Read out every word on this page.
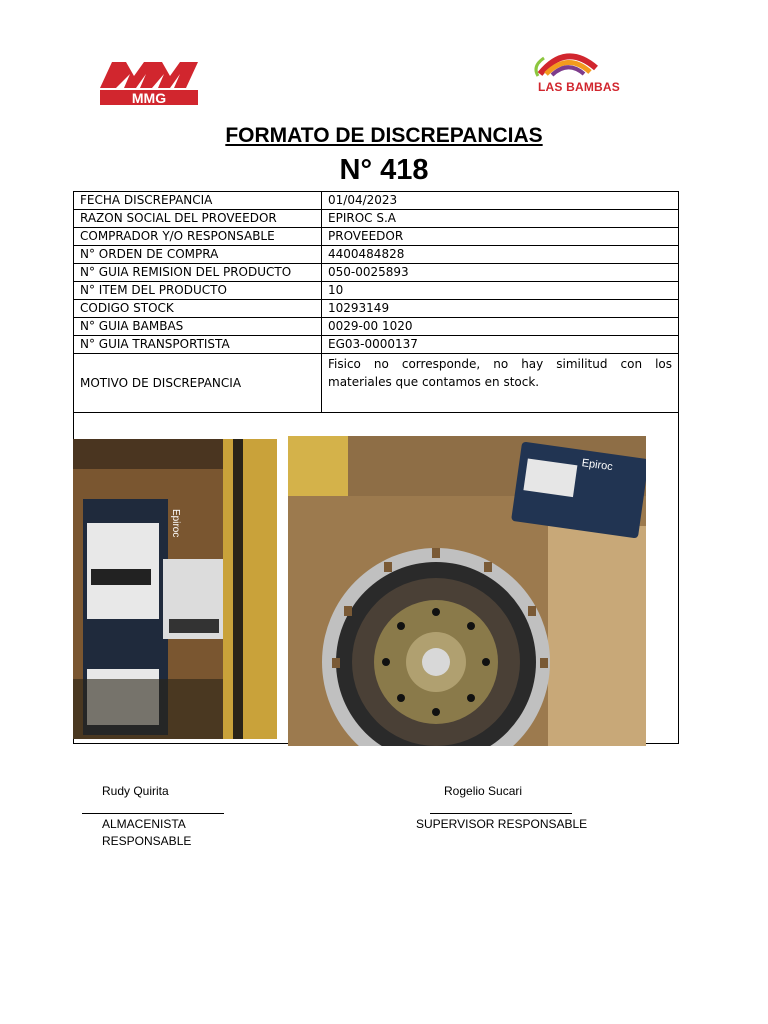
MMG
LAS BAMBAS
FORMATO DE DISCREPANCIAS
N° 418
FECHA DISCREPANCIA	01/04/2023
RAZON SOCIAL DEL PROVEEDOR	EPIROC S.A
COMPRADOR Y/O RESPONSABLE	PROVEEDOR
N° ORDEN DE COMPRA	4400484828
N° GUIA REMISION DEL PRODUCTO	050-0025893
N° ITEM DEL PRODUCTO	10
CODIGO STOCK	10293149
N° GUIA BAMBAS	0029-00 1020
N° GUIA TRANSPORTISTA	EG03-0000137
MOTIVO DE DISCREPANCIA	Fisico no corresponde, no hay similitud con los materiales que contamos en stock.

Epiroc
Epiroc
Rudy Quirita
ALMACENISTA
RESPONSABLE
Rogelio Sucari
SUPERVISOR RESPONSABLE
